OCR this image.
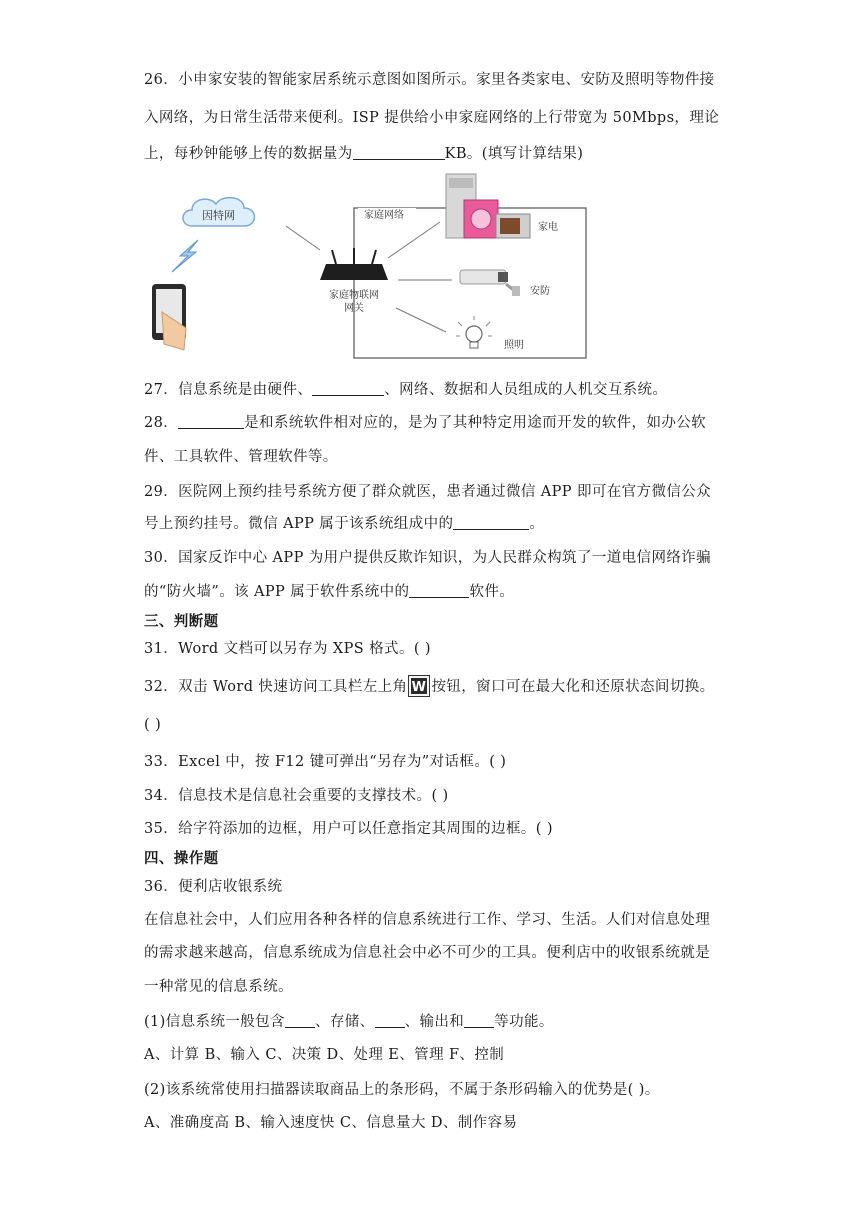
26．小申家安装的智能家居系统示意图如图所示。家里各类家电、安防及照明等物件接
入网络，为日常生活带来便利。ISP 提供给小申家庭网络的上行带宽为 50Mbps，理论
上，每秒钟能够上传的数据量为	KB。(填写计算结果)
家庭网络
因特网
家庭物联网
网关
家电
安防
照明
27．信息系统是由硬件、	、网络、数据和人员组成的人机交互系统。
28．	是和系统软件相对应的，是为了其种特定用途而开发的软件，如办公软
件、工具软件、管理软件等。
29．医院网上预约挂号系统方便了群众就医，患者通过微信 APP 即可在官方微信公众
号上预约挂号。微信 APP 属于该系统组成中的	。
30．国家反诈中心 APP 为用户提供反欺诈知识，为人民群众构筑了一道电信网络诈骗
的“防火墙”。该 APP 属于软件系统中的	软件。
三、判断题
31．Word 文档可以另存为 XPS 格式。( )
32．双击 Word 快速访问工具栏左上角 W 按钮，窗口可在最大化和还原状态间切换。
( )
33．Excel 中，按 F12 键可弹出“另存为”对话框。( )
34．信息技术是信息社会重要的支撑技术。( )
35．给字符添加的边框，用户可以任意指定其周围的边框。( )
四、操作题
36．便利店收银系统
在信息社会中，人们应用各种各样的信息系统进行工作、学习、生活。人们对信息处理
的需求越来越高，信息系统成为信息社会中必不可少的工具。便利店中的收银系统就是
一种常见的信息系统。
(1)信息系统一般包含 、存储、 、输出和 等功能。
A、计算 B、输入 C、决策 D、处理 E、管理 F、控制
(2)该系统常使用扫描器读取商品上的条形码，不属于条形码输入的优势是( )。
A、准确度高 B、输入速度快 C、信息量大 D、制作容易
